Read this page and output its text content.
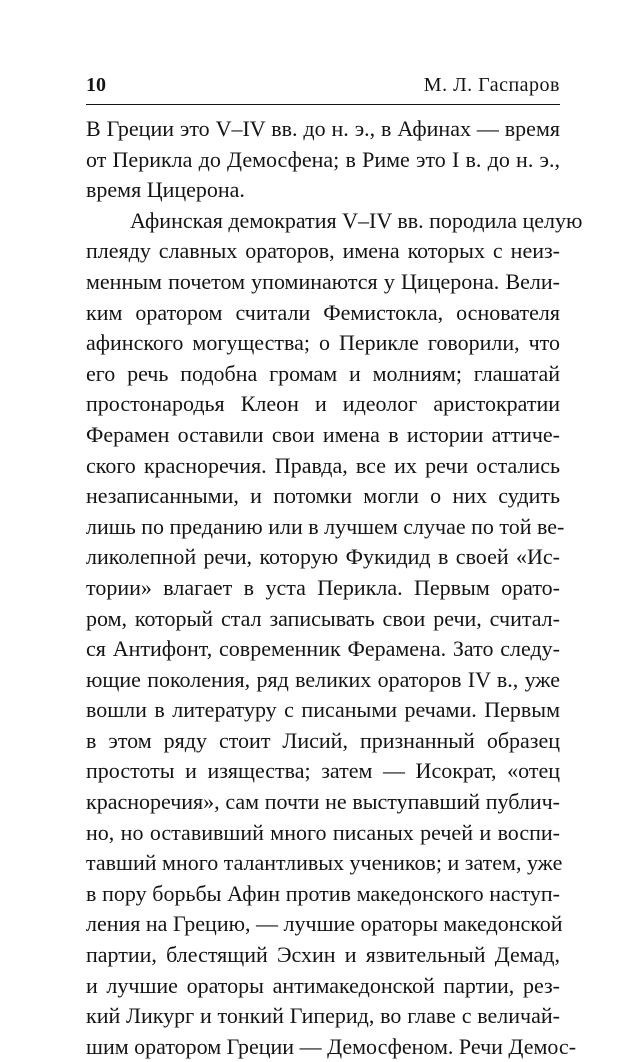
10	М. Л. Гаспаров
В Греции это V–IV вв. до н. э., в Афинах — время
от Перикла до Демосфена; в Риме это I в. до н. э.,
время Цицерона.
Афинская демократия V–IV вв. породила целую
плеяду славных ораторов, имена которых с неиз-
менным почетом упоминаются у Цицерона. Вели-
ким оратором считали Фемистокла, основателя
афинского могущества; о Перикле говорили, что
его речь подобна громам и молниям; глашатай
простонародья Клеон и идеолог аристократии
Ферамен оставили свои имена в истории аттиче-
ского красноречия. Правда, все их речи остались
незаписанными, и потомки могли о них судить
лишь по преданию или в лучшем случае по той ве-
ликолепной речи, которую Фукидид в своей «Ис-
тории» влагает в уста Перикла. Первым орато-
ром, который стал записывать свои речи, считал-
ся Антифонт, современник Ферамена. Зато следу-
ющие поколения, ряд великих ораторов IV в., уже
вошли в литературу с писаными речами. Первым
в этом ряду стоит Лисий, признанный образец
простоты и изящества; затем — Исократ, «отец
красноречия», сам почти не выступавший публич-
но, но оставивший много писаных речей и воспи-
тавший много талантливых учеников; и затем, уже
в пору борьбы Афин против македонского наступ-
ления на Грецию, — лучшие ораторы македонской
партии, блестящий Эсхин и язвительный Демад,
и лучшие ораторы антимакедонской партии, рез-
кий Ликург и тонкий Гиперид, во главе с величай-
шим оратором Греции — Демосфеном. Речи Демос-
